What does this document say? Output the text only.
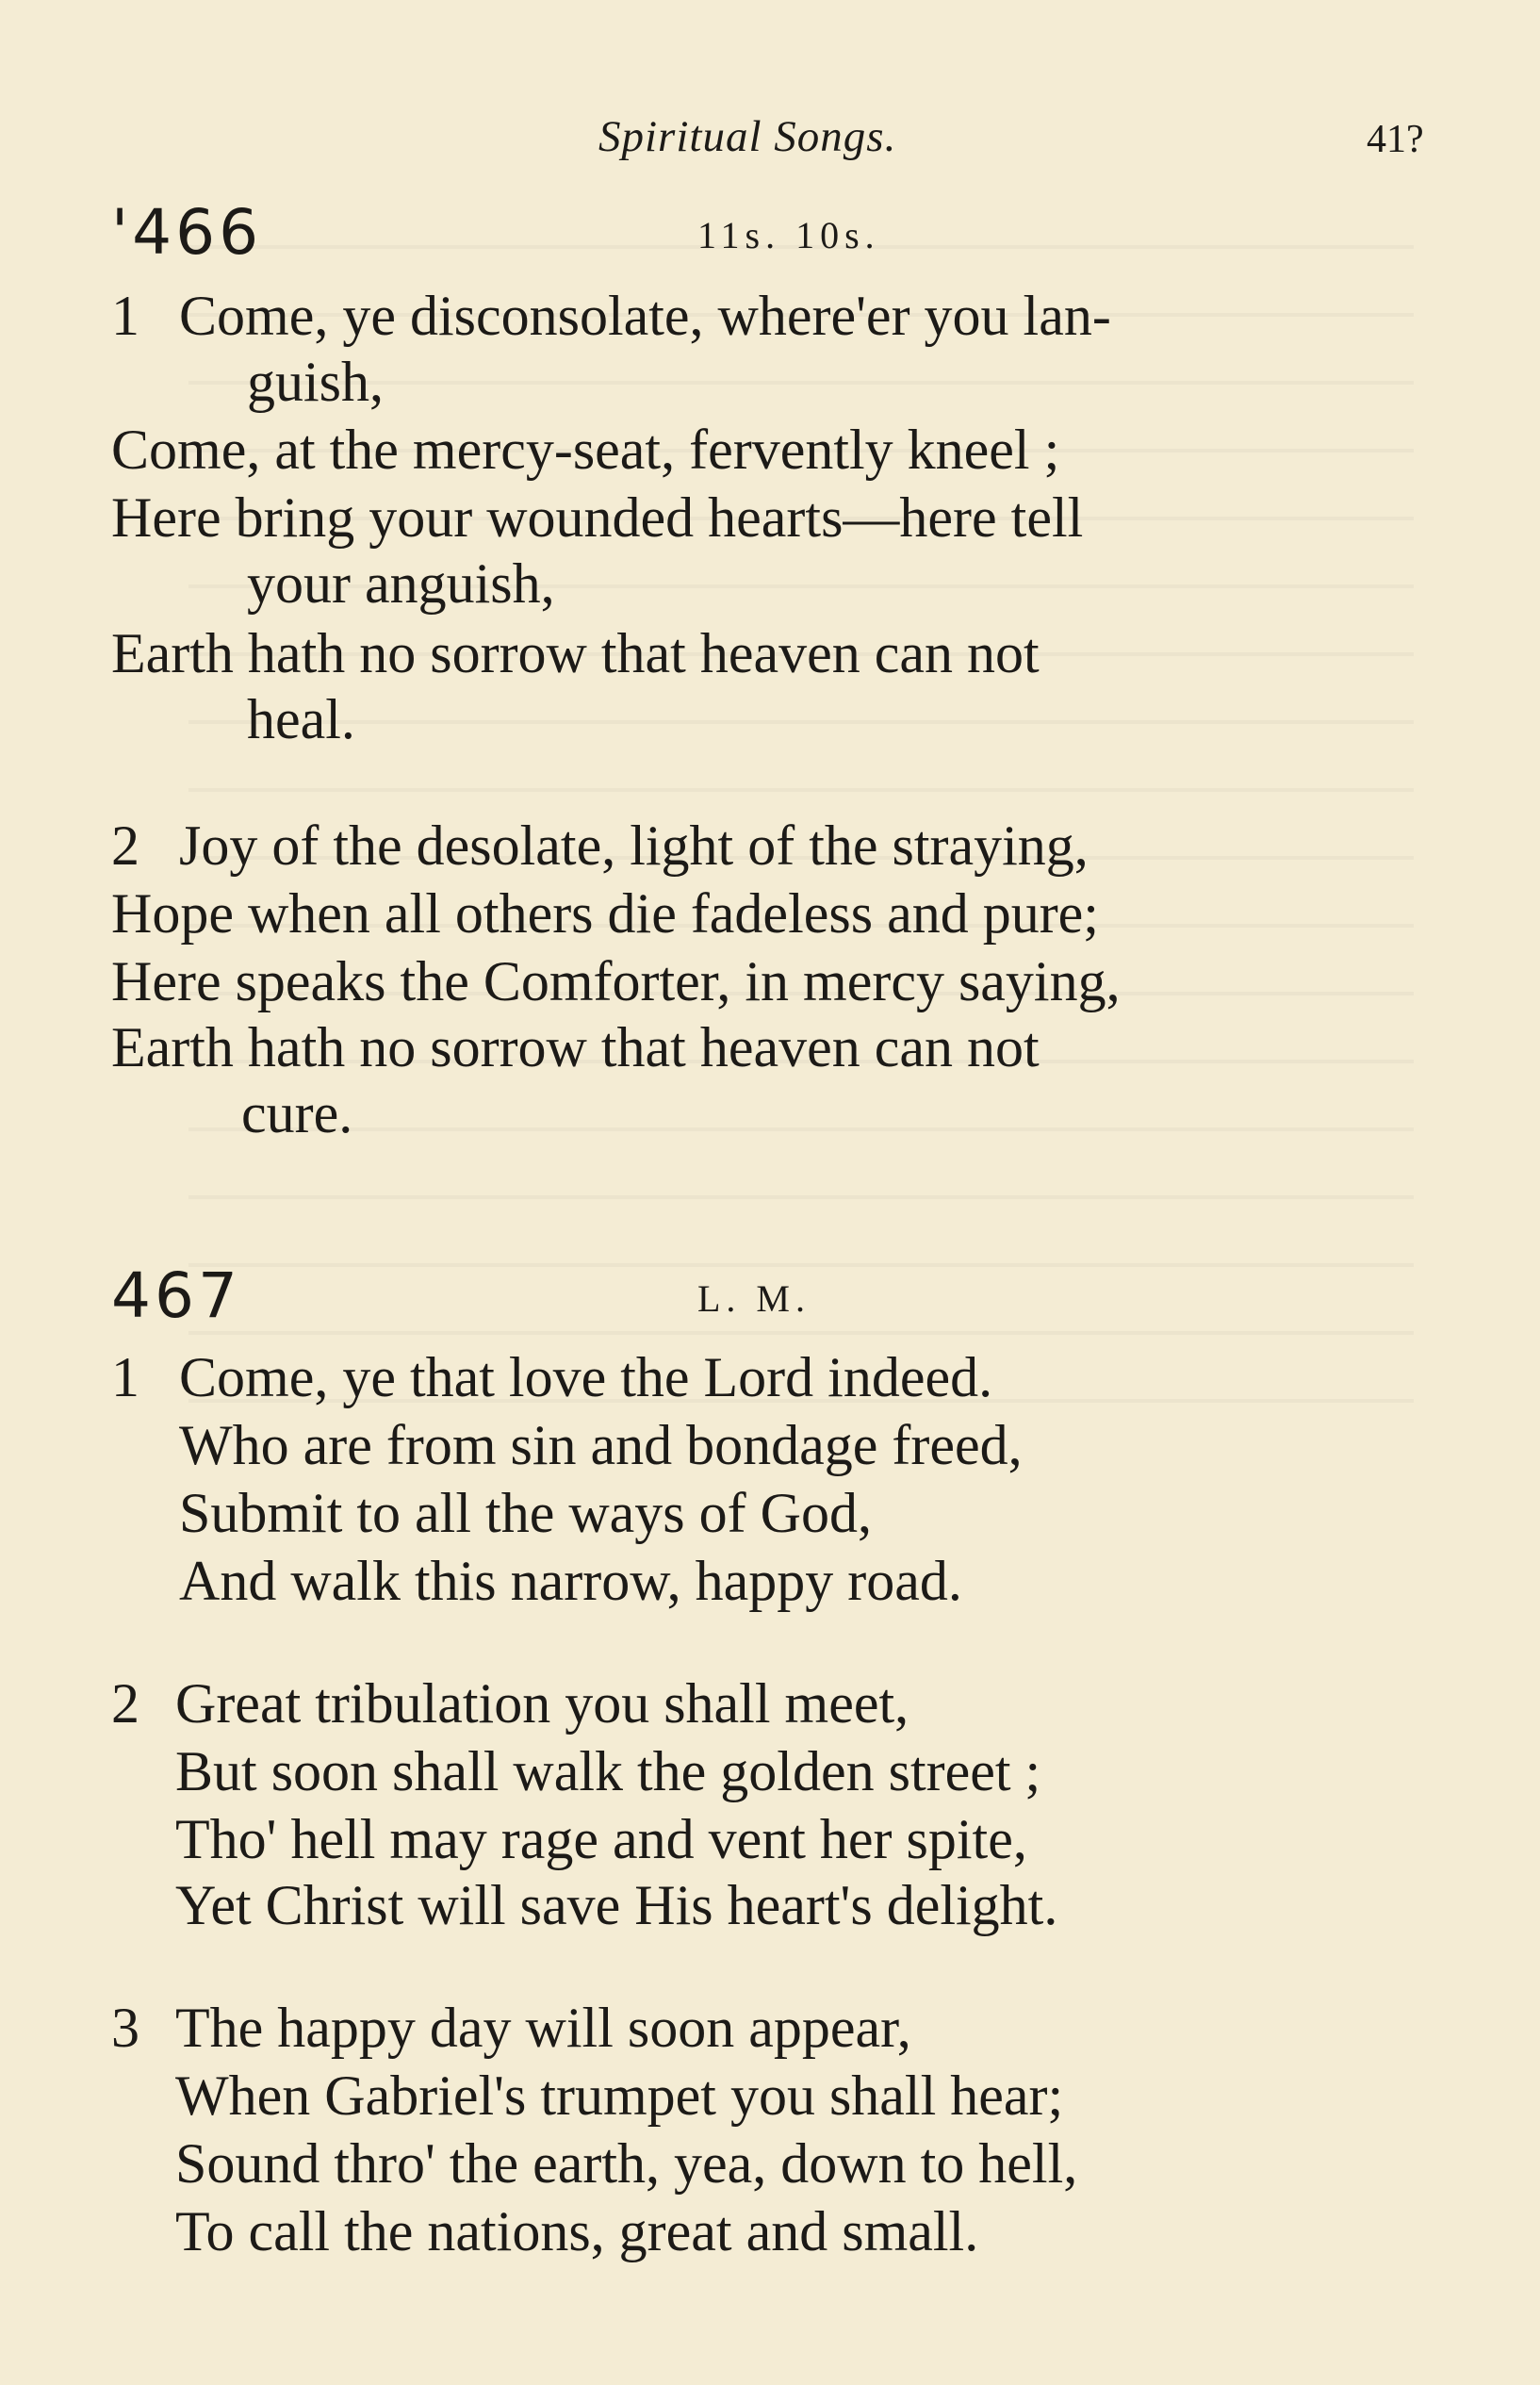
Spiritual Songs.	41?
'466	11s. 10s.
1 Come, ye disconsolate, where'er you lan-
guish,
Come, at the mercy-seat, fervently kneel ;
Here bring your wounded hearts—here tell
your anguish,
Earth hath no sorrow that heaven can not
heal.
2 Joy of the desolate, light of the straying,
Hope when all others die fadeless and pure;
Here speaks the Comforter, in mercy saying,
Earth hath no sorrow that heaven can not
cure.
467	L. M.
1 Come, ye that love the Lord indeed.
Who are from sin and bondage freed,
Submit to all the ways of God,
And walk this narrow, happy road.
2 Great tribulation you shall meet,
But soon shall walk the golden street ;
Tho' hell may rage and vent her spite,
Yet Christ will save His heart's delight.
3 The happy day will soon appear,
When Gabriel's trumpet you shall hear;
Sound thro' the earth, yea, down to hell,
To call the nations, great and small.
